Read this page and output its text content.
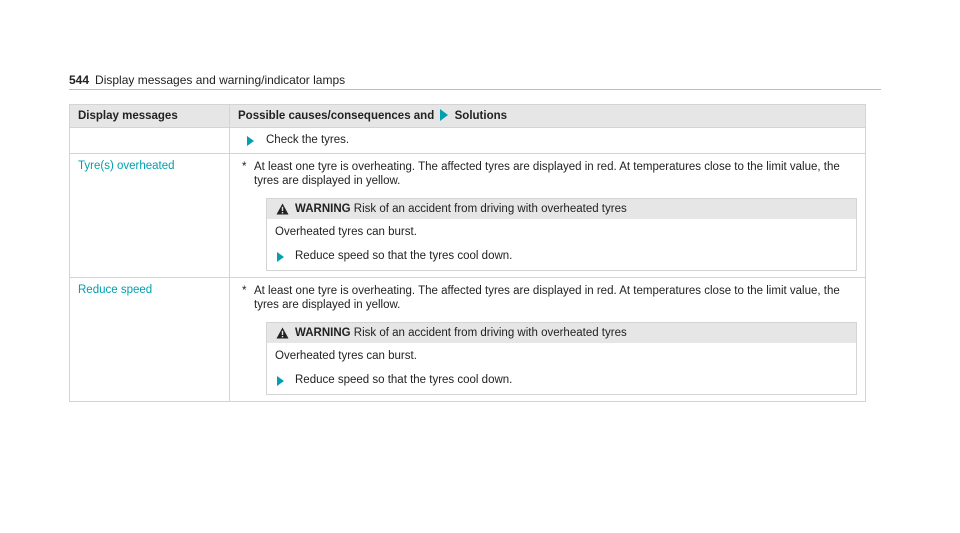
544 Display messages and warning/indicator lamps
Display messages	Possible causes/consequences and Solutions

Check the tyres.

Tyre(s) overheated	* At least one tyre is overheating. The affected tyres are displayed in red. At temperatures close to the limit value, the tyres are displayed in yellow.
WARNING Risk of an accident from driving with overheated tyres
Overheated tyres can burst.
Reduce speed so that the tyres cool down.

Reduce speed	* At least one tyre is overheating. The affected tyres are displayed in red. At temperatures close to the limit value, the tyres are displayed in yellow.
WARNING Risk of an accident from driving with overheated tyres
Overheated tyres can burst.
Reduce speed so that the tyres cool down.
